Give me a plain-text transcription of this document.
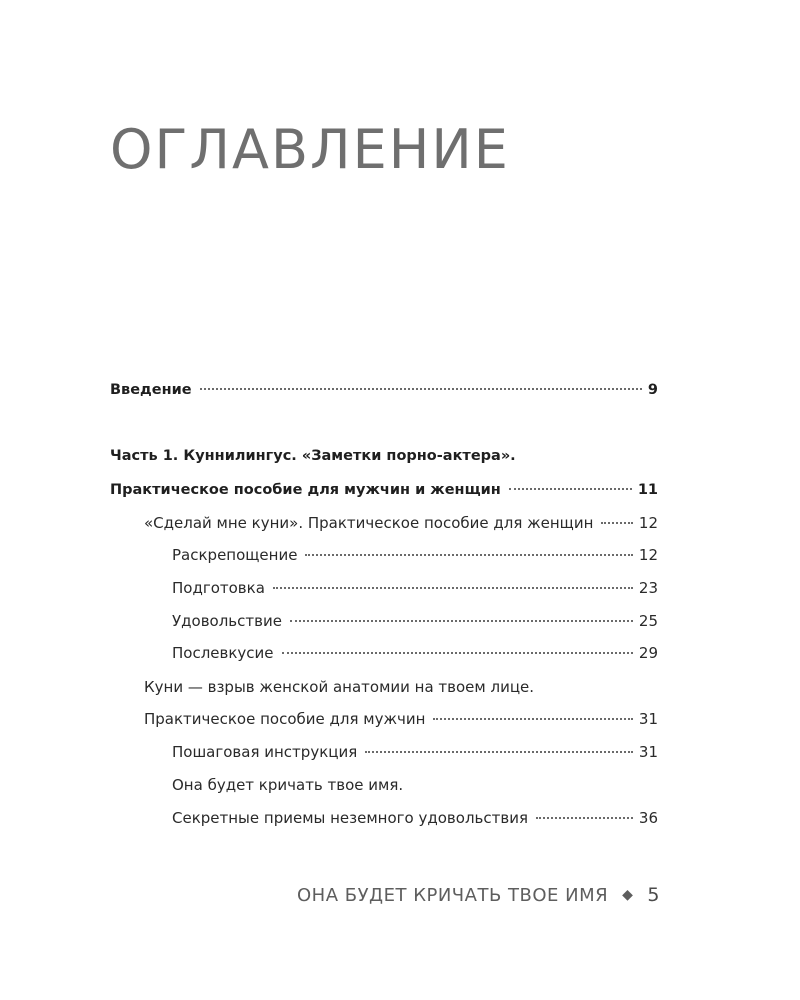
ОГЛАВЛЕНИЕ
Введение	9
Часть 1. Куннилингус. «Заметки порно-актера».
Практическое пособие для мужчин и женщин	11
«Сделай мне куни». Практическое пособие для женщин	12
Раскрепощение	12
Подготовка	23
Удовольствие	25
Послевкусие	29
Куни — взрыв женской анатомии на твоем лице.
Практическое пособие для мужчин	31
Пошаговая инструкция	31
Она будет кричать твое имя.
Секретные приемы неземного удовольствия	36
ОНА БУДЕТ КРИЧАТЬ ТВОЕ ИМЯ ◆ 5
